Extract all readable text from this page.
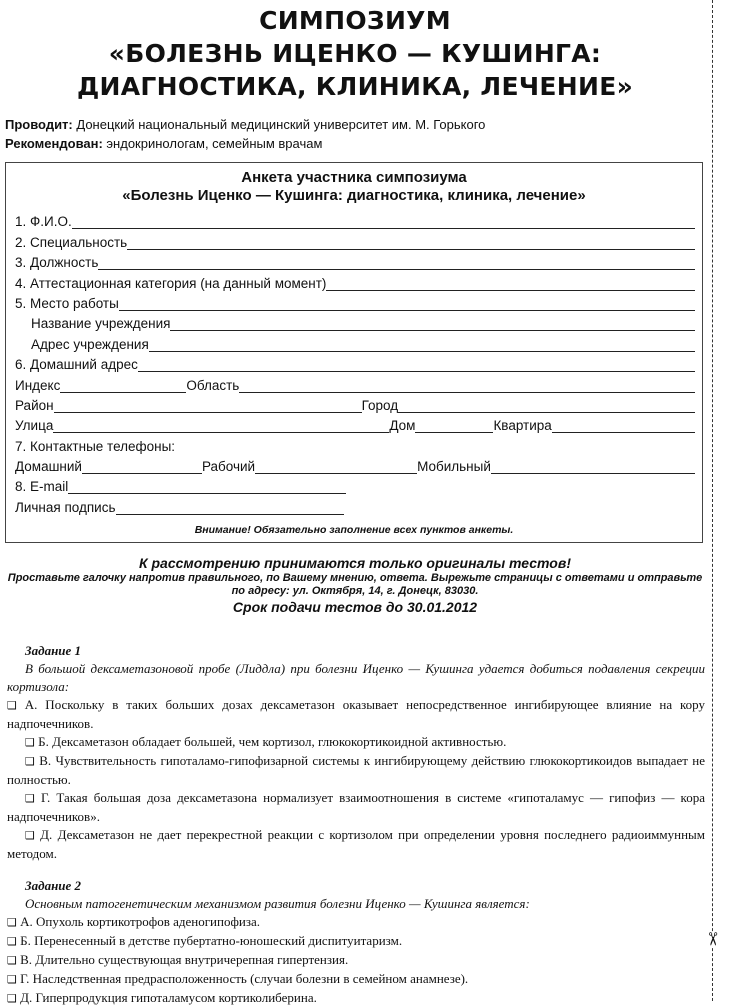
✂
СИМПОЗИУМ
«БОЛЕЗНЬ ИЦЕНКО — КУШИНГА:
ДИАГНОСТИКА, КЛИНИКА, ЛЕЧЕНИЕ»
Проводит: Донецкий национальный медицинский университет им. М. Горького
Рекомендован: эндокринологам, семейным врачам
Анкета участника симпозиума
«Болезнь Иценко — Кушинга: диагностика, клиника, лечение»
1. Ф.И.О.
2. Специальность
3. Должность
4. Аттестационная категория (на данный момент)
5. Место работы
Название учреждения
Адрес учреждения
6. Домашний адрес
Индекс	Область
Район	Город
Улица	Дом	Квартира
7. Контактные телефоны:
Домашний	Рабочий	Мобильный
8. E-mail
Личная подпись
Внимание! Обязательно заполнение всех пунктов анкеты.
К рассмотрению принимаются только оригиналы тестов!
Проставьте галочку напротив правильного, по Вашему мнению, ответа. Вырежьте страницы с ответами и отправьте
по адресу: ул. Октября, 14, г. Донецк, 83030.
Срок подачи тестов до 30.01.2012
Задание 1
В большой дексаметазоновой пробе (Лиддла) при болезни Иценко — Кушинга удается добиться подавления секреции кортизола:
❑ А. Поскольку в таких больших дозах дексаметазон оказывает непосредственное ингибирующее влияние на кору надпочечников.
❑ Б. Дексаметазон обладает большей, чем кортизол, глюкокортикоидной активностью.
❑ В. Чувствительность гипоталамо-гипофизарной системы к ингибирующему действию глюкокортикоидов выпадает не полностью.
❑ Г. Такая большая доза дексаметазона нормализует взаимоотношения в системе «гипоталамус — гипофиз — кора надпочечников».
❑ Д. Дексаметазон не дает перекрестной реакции с кортизолом при определении уровня последнего радиоиммунным методом.
Задание 2
Основным патогенетическим механизмом развития болезни Иценко — Кушинга является:
❑ А. Опухоль кортикотрофов аденогипофиза.
❑ Б. Перенесенный в детстве пубертатно-юношеский диспитуитаризм.
❑ В. Длительно существующая внутричерепная гипертензия.
❑ Г. Наследственная предрасположенность (случаи болезни в семейном анамнезе).
❑ Д. Гиперпродукция гипоталамусом кортиколиберина.
